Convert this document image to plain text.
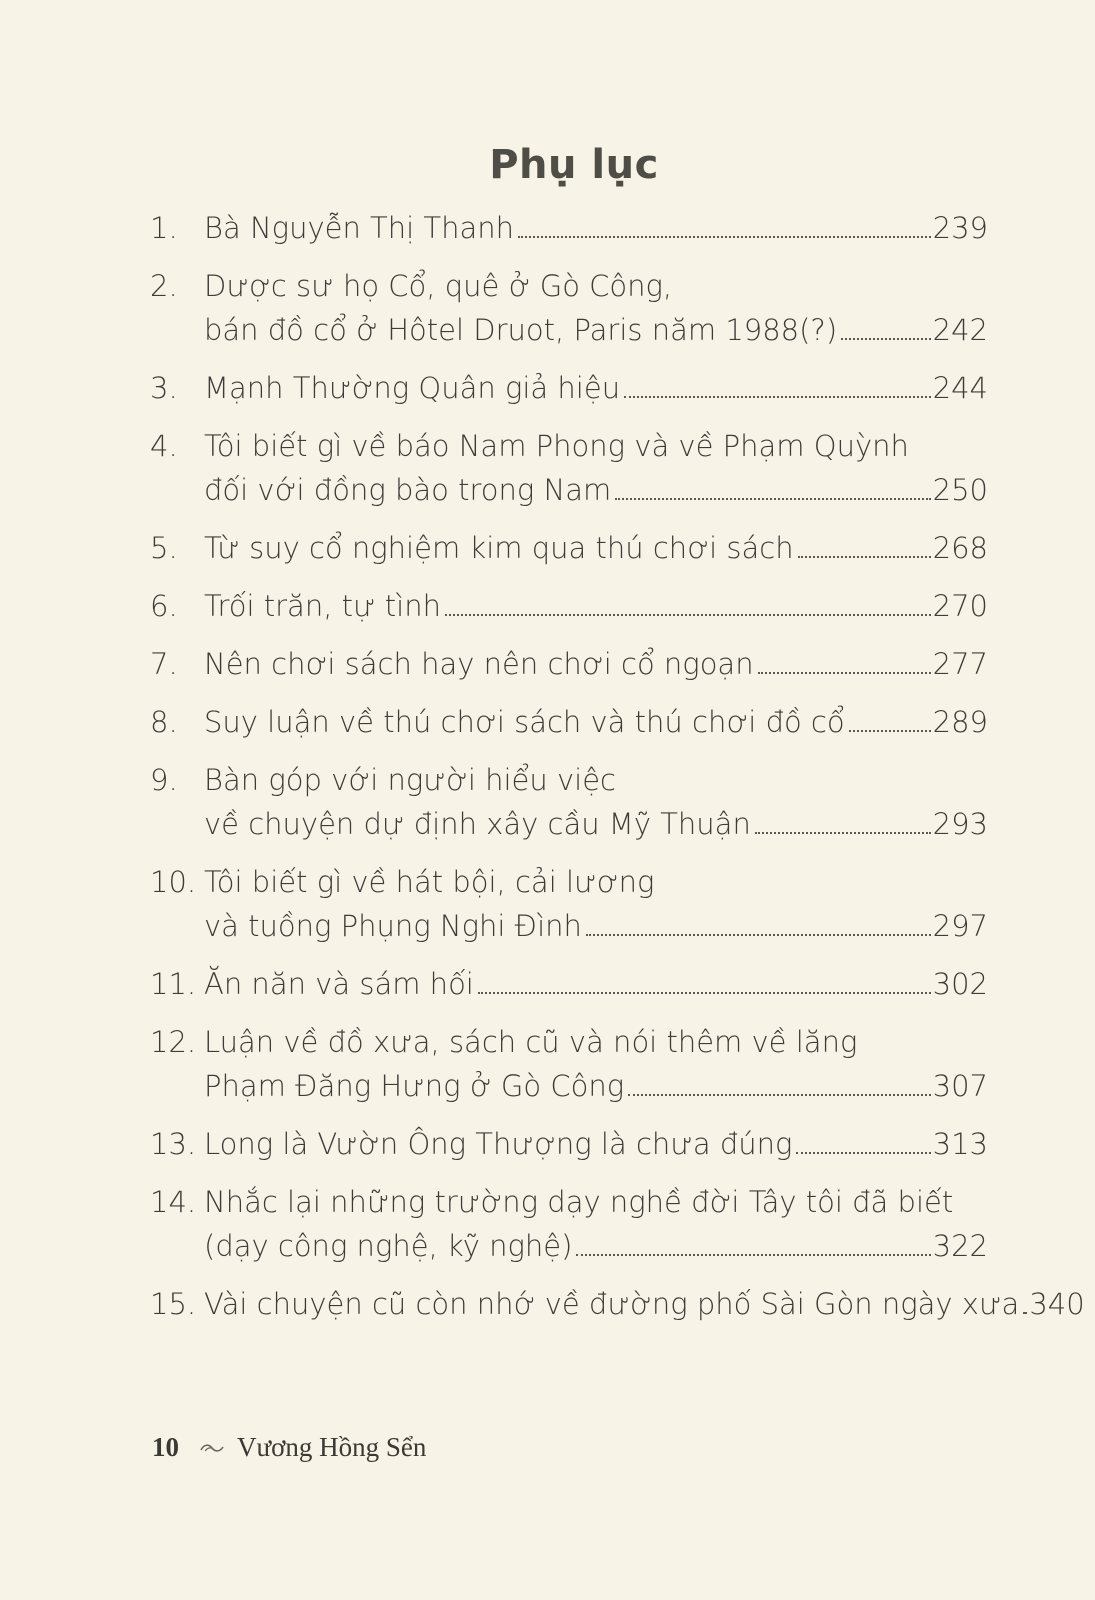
Phụ lục
1. Bà Nguyễn Thị Thanh	239
2. Dược sư họ Cổ, quê ở Gò Công,
bán đồ cổ ở Hôtel Druot, Paris năm 1988(?)	242
3. Mạnh Thường Quân giả hiệu	244
4. Tôi biết gì về báo Nam Phong và về Phạm Quỳnh
đối với đồng bào trong Nam	250
5. Từ suy cổ nghiệm kim qua thú chơi sách	268
6. Trối trăn, tự tình	270
7. Nên chơi sách hay nên chơi cổ ngoạn	277
8. Suy luận về thú chơi sách và thú chơi đồ cổ	289
9. Bàn góp với người hiểu việc
về chuyện dự định xây cầu Mỹ Thuận	293
10. Tôi biết gì về hát bội, cải lương
và tuồng Phụng Nghi Đình	297
11. Ăn năn và sám hối	302
12. Luận về đồ xưa, sách cũ và nói thêm về lăng
Phạm Đăng Hưng ở Gò Công	307
13. Long là Vườn Ông Thượng là chưa đúng	313
14. Nhắc lại những trường dạy nghề đời Tây tôi đã biết
(dạy công nghệ, kỹ nghệ)	322
15. Vài chuyện cũ còn nhớ về đường phố Sài Gòn ngày xưa 340
10 Vương Hồng Sển
